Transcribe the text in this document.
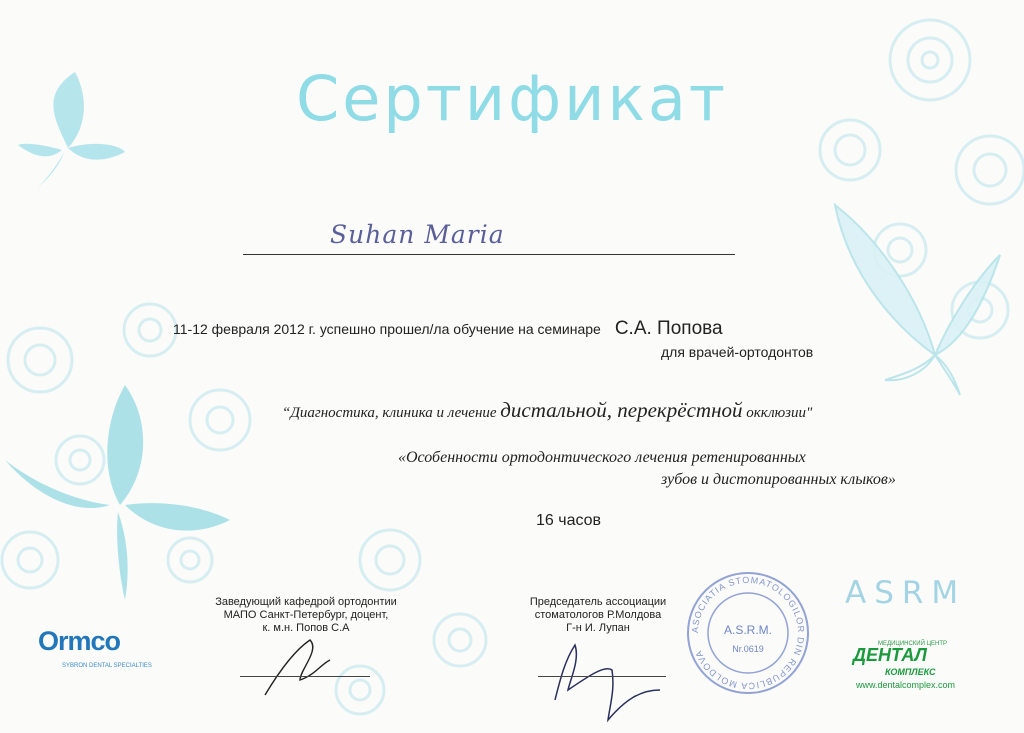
Сертификат
Suhan Maria
11-12 февраля 2012 г. успешно прошел/ла обучение на семинаре С.А. Попова
для врачей-ортодонтов
“Диагностика, клиника и лечение дистальной, перекрёстной окклюзии"
«Особенности ортодонтического лечения ретенированных
зубов и дистопированных клыков»
16 часов
Заведующий кафедрой ортодонтии
МАПО Санкт-Петербург, доцент,
к. м.н. Попов С.А
Председатель ассоциации
стоматологов Р.Молдова
Г-н И. Лупан	ASOCIATIA STOMATOLOGILOR DIN REPUBLICA MOLDOVA
A.S.R.M.
Nr.0619
Ormco
SYBRON DENTAL SPECIALTIES
ASRM
МЕДИЦИНСКИЙ ЦЕНТР
ДЕНТАЛ
КОМПЛЕКС
www.dentalcomplex.com
